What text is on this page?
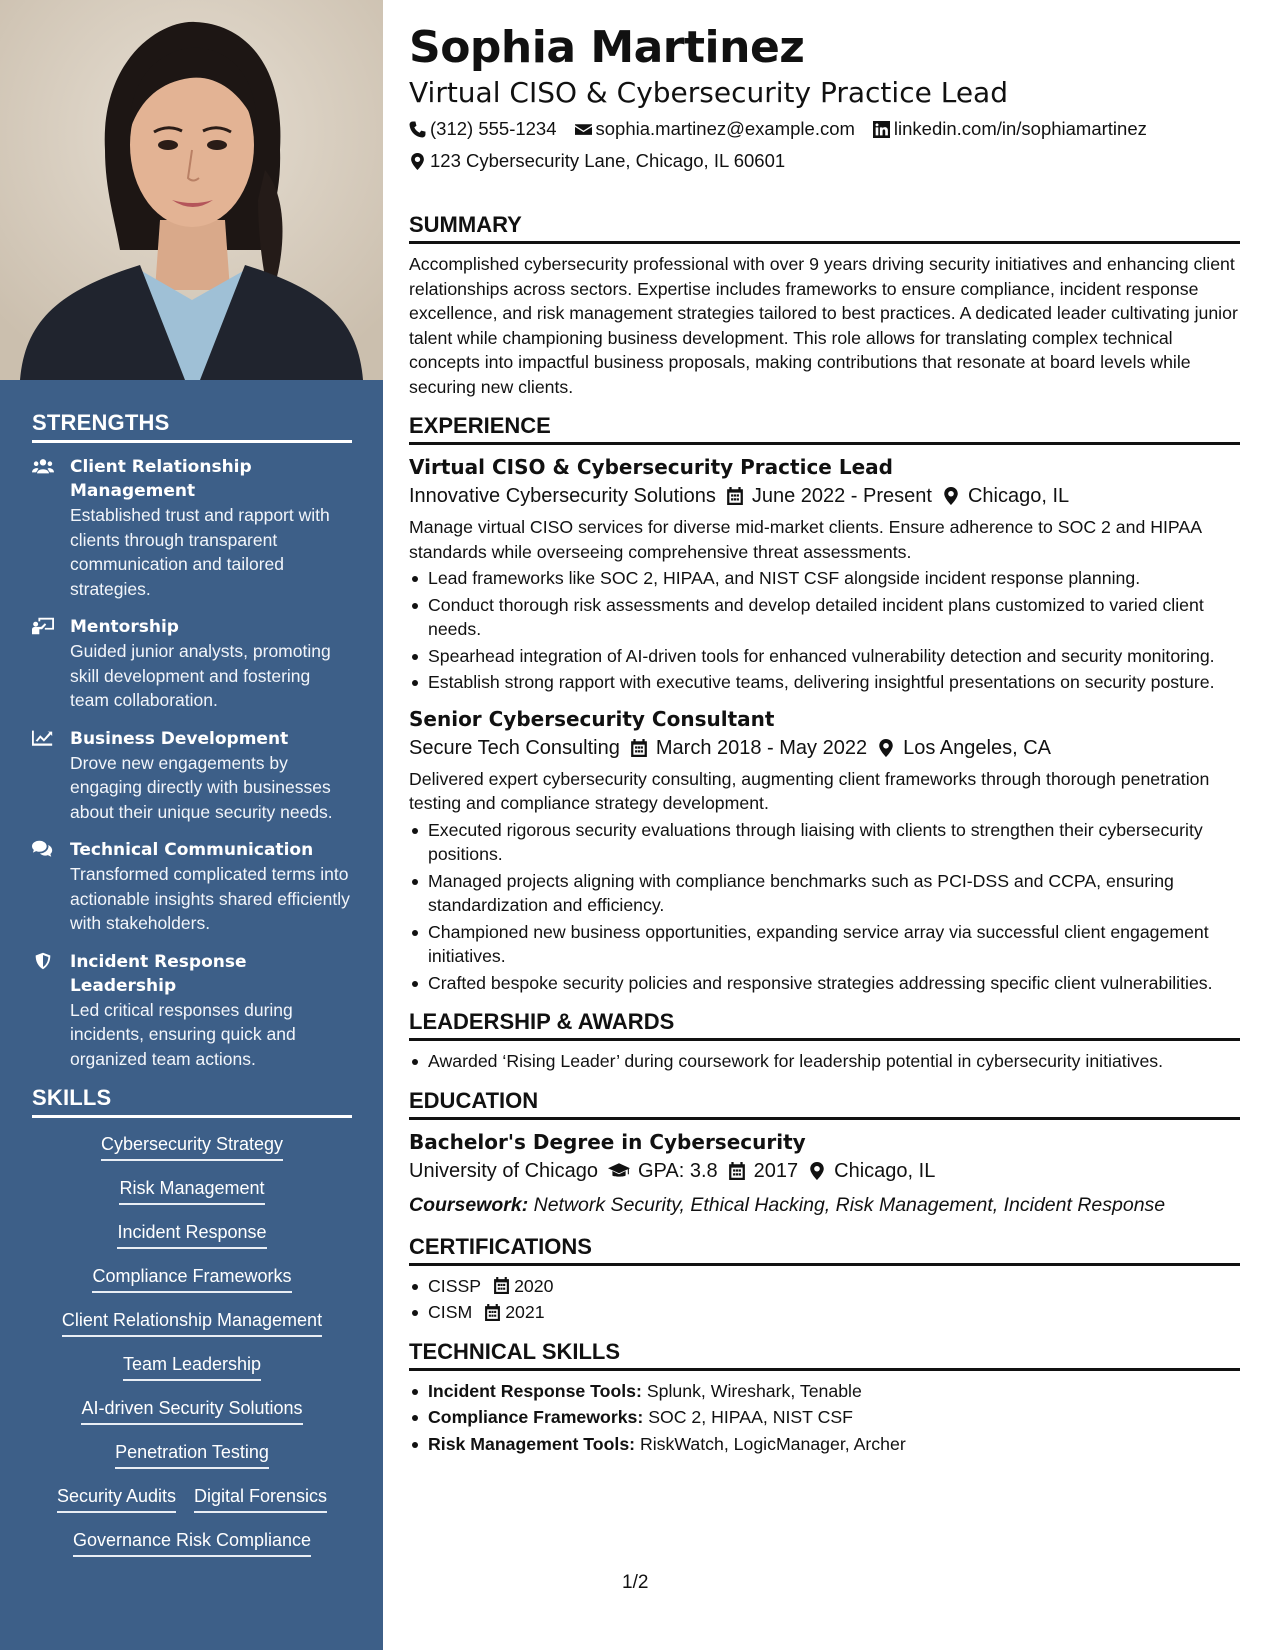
STRENGTHS
Client Relationship Management
Established trust and rapport with clients through transparent communication and tailored strategies.
Mentorship
Guided junior analysts, promoting skill development and fostering team collaboration.
Business Development
Drove new engagements by engaging directly with businesses about their unique security needs.
Technical Communication
Transformed complicated terms into actionable insights shared efficiently with stakeholders.
Incident Response Leadership
Led critical responses during incidents, ensuring quick and organized team actions.
SKILLS
Cybersecurity Strategy
Risk Management
Incident Response
Compliance Frameworks
Client Relationship Management
Team Leadership
AI-driven Security Solutions
Penetration Testing
Security Audits Digital Forensics
Governance Risk Compliance
Sophia Martinez
Virtual CISO & Cybersecurity Practice Lead
(312) 555-1234 sophia.martinez@example.com linkedin.com/in/sophiamartinez
123 Cybersecurity Lane, Chicago, IL 60601
SUMMARY

Accomplished cybersecurity professional with over 9 years driving security initiatives and enhancing client relationships across sectors. Expertise includes frameworks to ensure compliance, incident response excellence, and risk management strategies tailored to best practices. A dedicated leader cultivating junior talent while championing business development. This role allows for translating complex technical concepts into impactful business proposals, making contributions that resonate at board levels while securing new clients.

EXPERIENCE
Virtual CISO & Cybersecurity Practice Lead
Innovative Cybersecurity Solutions June 2022 - Present Chicago, IL

Manage virtual CISO services for diverse mid-market clients. Ensure adherence to SOC 2 and HIPAA standards while overseeing comprehensive threat assessments.

Lead frameworks like SOC 2, HIPAA, and NIST CSF alongside incident response planning.
Conduct thorough risk assessments and develop detailed incident plans customized to varied client needs.
Spearhead integration of AI-driven tools for enhanced vulnerability detection and security monitoring.
Establish strong rapport with executive teams, delivering insightful presentations on security posture.
Senior Cybersecurity Consultant
Secure Tech Consulting March 2018 - May 2022 Los Angeles, CA

Delivered expert cybersecurity consulting, augmenting client frameworks through thorough penetration testing and compliance strategy development.

Executed rigorous security evaluations through liaising with clients to strengthen their cybersecurity positions.
Managed projects aligning with compliance benchmarks such as PCI-DSS and CCPA, ensuring standardization and efficiency.
Championed new business opportunities, expanding service array via successful client engagement initiatives.
Crafted bespoke security policies and responsive strategies addressing specific client vulnerabilities.
LEADERSHIP & AWARDS
Awarded ‘Rising Leader’ during coursework for leadership potential in cybersecurity initiatives.
EDUCATION
Bachelor's Degree in Cybersecurity
University of Chicago GPA: 3.8 2017 Chicago, IL
Coursework: Network Security, Ethical Hacking, Risk Management, Incident Response
CERTIFICATIONS
CISSP 2020
CISM 2021
TECHNICAL SKILLS
Incident Response Tools: Splunk, Wireshark, Tenable
Compliance Frameworks: SOC 2, HIPAA, NIST CSF
Risk Management Tools: RiskWatch, LogicManager, Archer
1/2
